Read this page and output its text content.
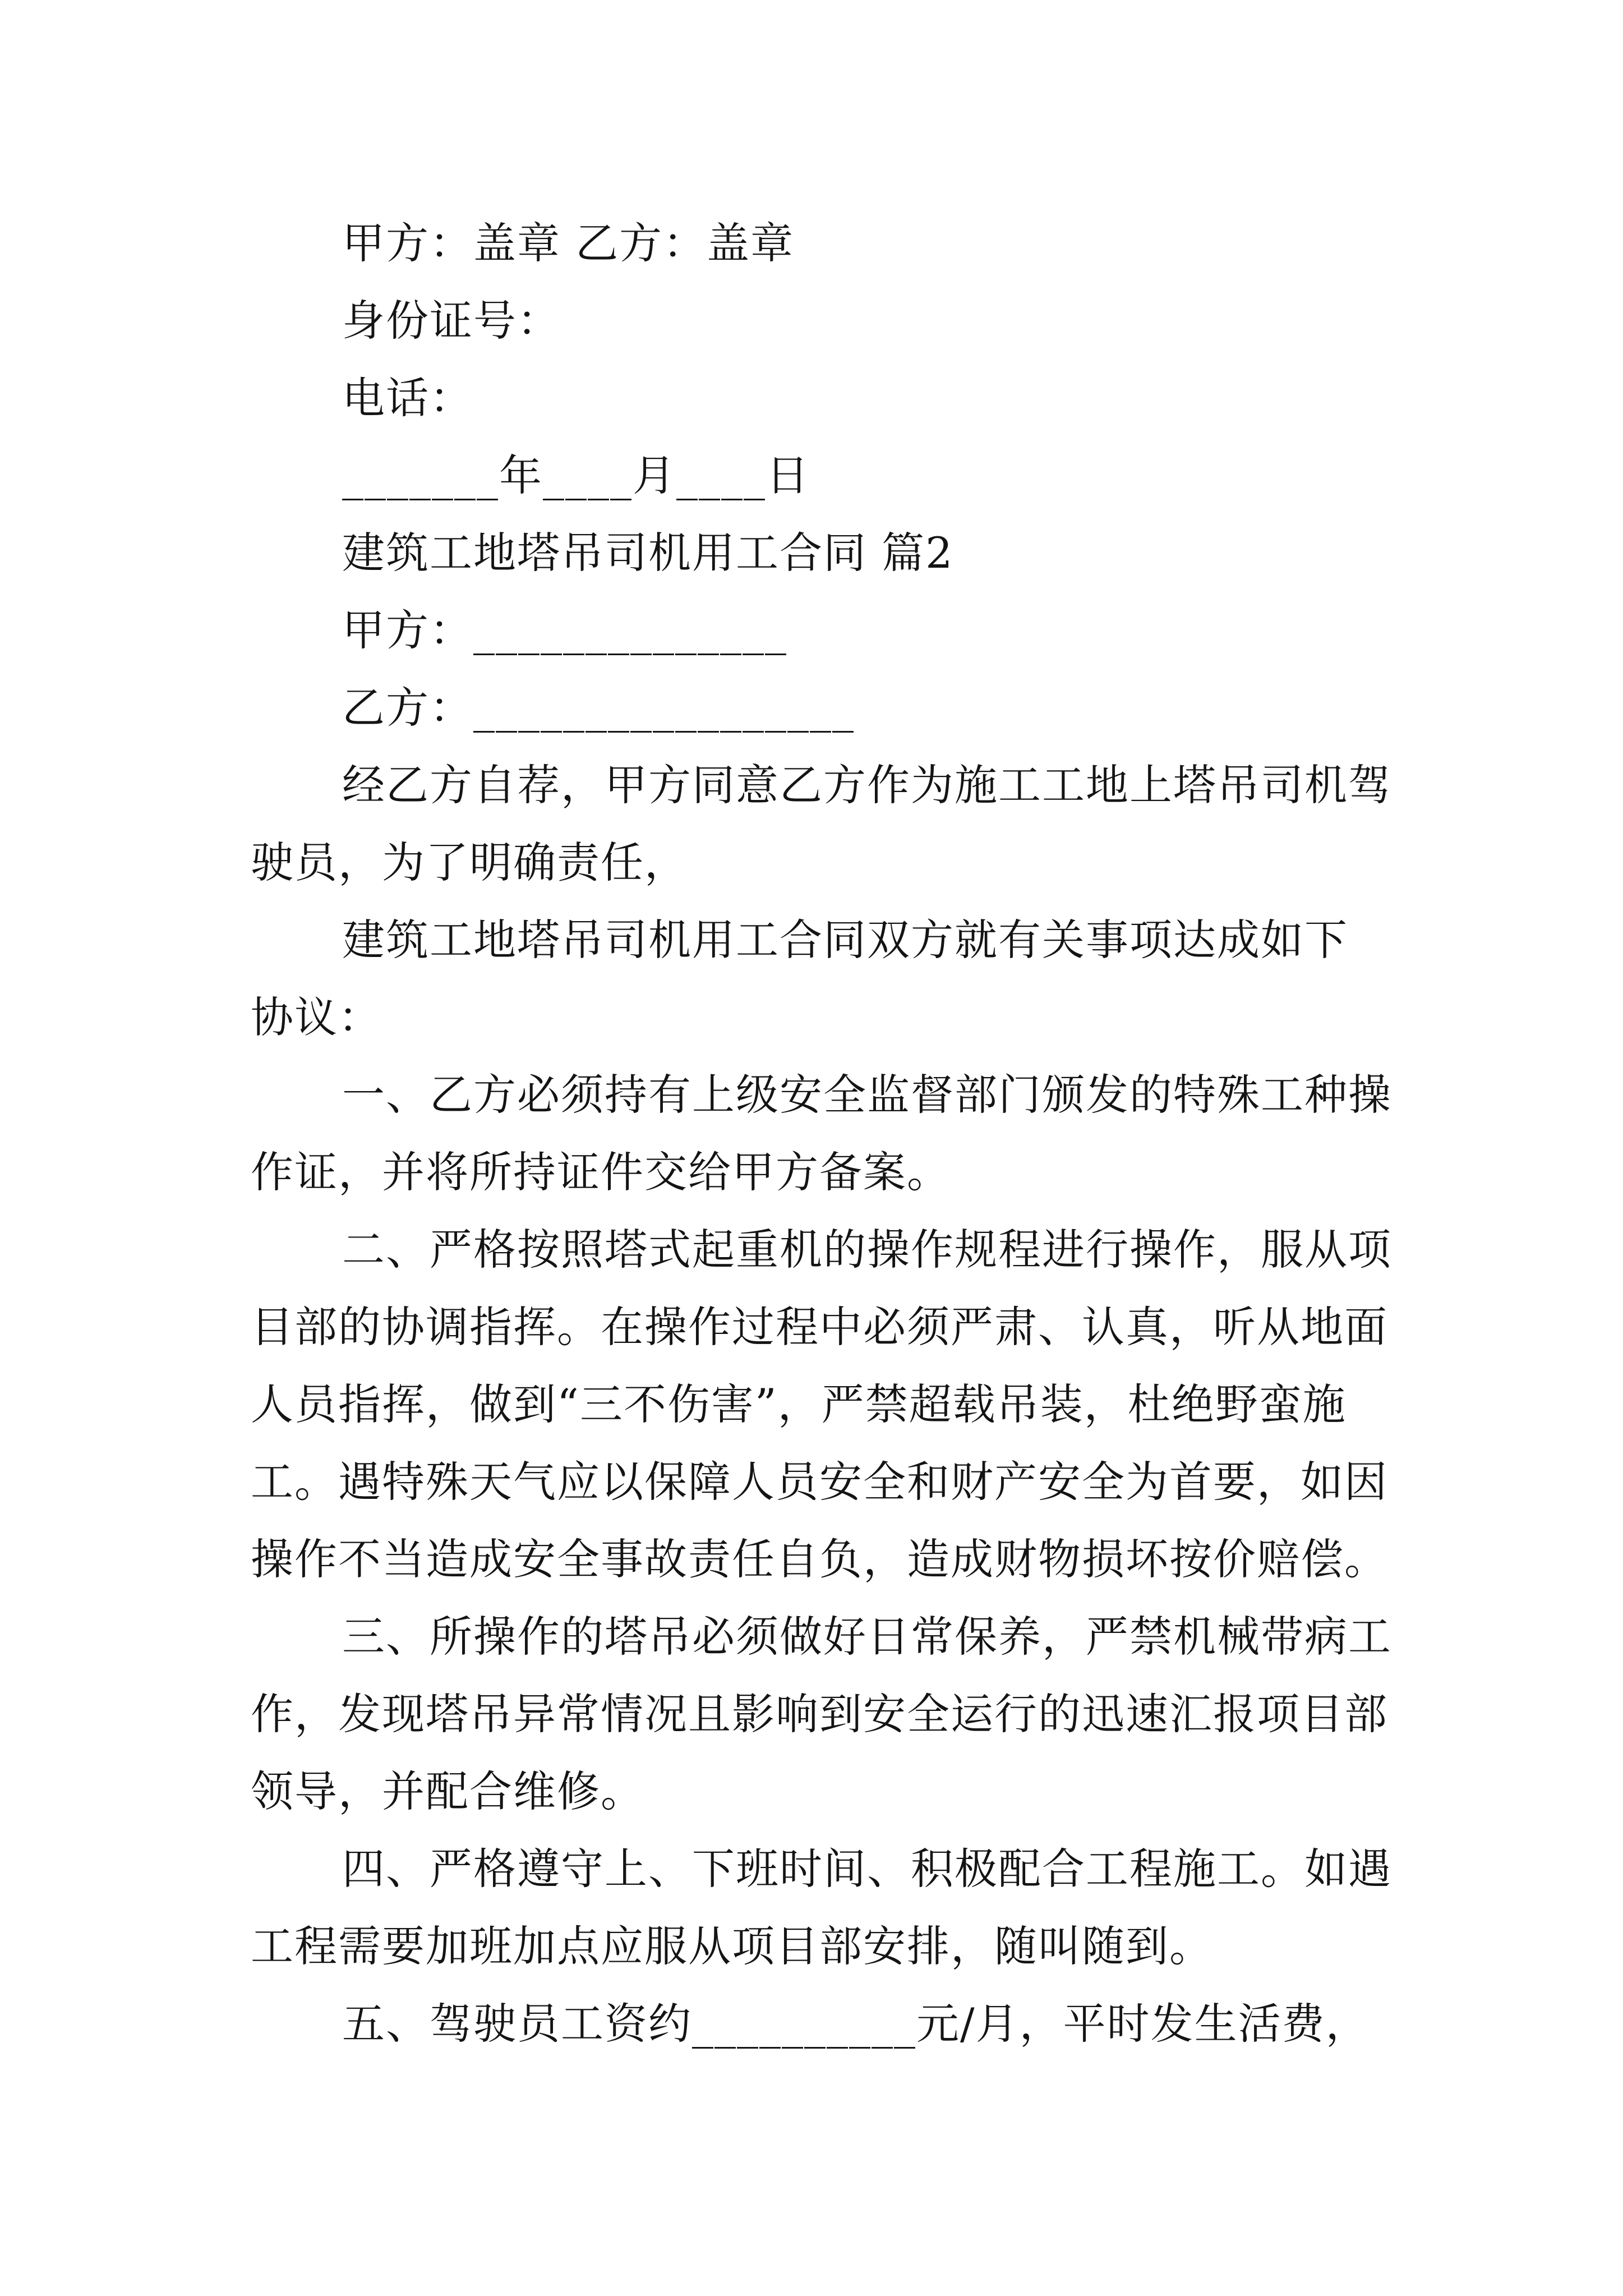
甲方：盖章 乙方：盖章
身份证号：
电话：
_______年____月____日
建筑工地塔吊司机用工合同 篇2
甲方：______________
乙方：_________________
经乙方自荐，甲方同意乙方作为施工工地上塔吊司机驾
驶员，为了明确责任，
建筑工地塔吊司机用工合同双方就有关事项达成如下
协议：
一、乙方必须持有上级安全监督部门颁发的特殊工种操
作证，并将所持证件交给甲方备案。
二、严格按照塔式起重机的操作规程进行操作，服从项
目部的协调指挥。在操作过程中必须严肃、认真，听从地面
人员指挥，做到“三不伤害”，严禁超载吊装，杜绝野蛮施
工。遇特殊天气应以保障人员安全和财产安全为首要，如因
操作不当造成安全事故责任自负，造成财物损坏按价赔偿。
三、所操作的塔吊必须做好日常保养，严禁机械带病工
作，发现塔吊异常情况且影响到安全运行的迅速汇报项目部
领导，并配合维修。
四、严格遵守上、下班时间、积极配合工程施工。如遇
工程需要加班加点应服从项目部安排，随叫随到。
五、驾驶员工资约__________元/月，平时发生活费，
